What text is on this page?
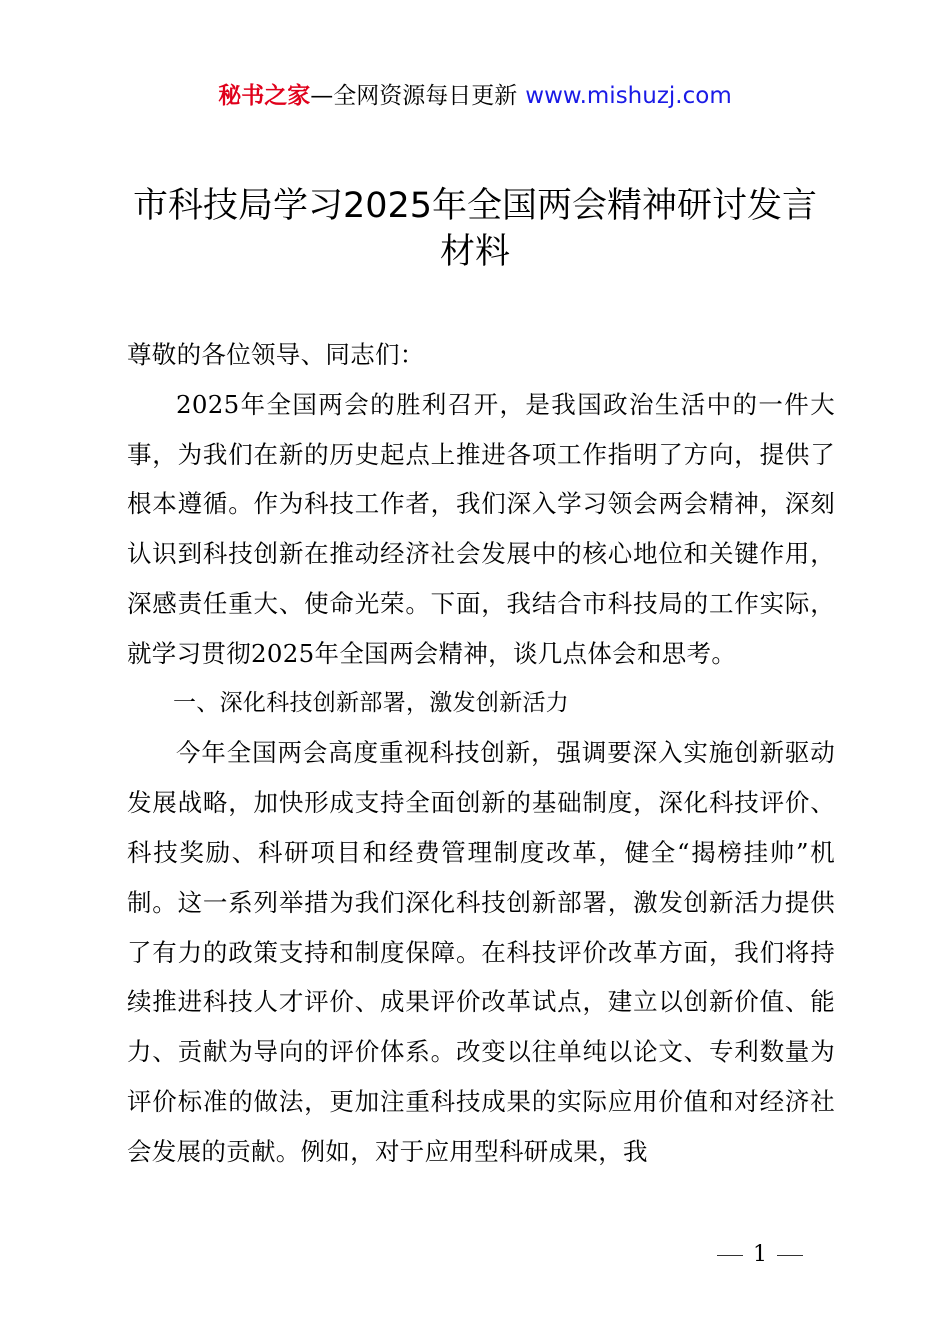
秘书之家—全网资源每日更新 www.mishuzj.com
市科技局学习2025年全国两会精神研讨发言材料

尊敬的各位领导、同志们：

2025年全国两会的胜利召开，是我国政治生活中的一件大事，为我们在新的历史起点上推进各项工作指明了方向，提供了根本遵循。作为科技工作者，我们深入学习领会两会精神，深刻认识到科技创新在推动经济社会发展中的核心地位和关键作用，深感责任重大、使命光荣。下面，我结合市科技局的工作实际，就学习贯彻2025年全国两会精神，谈几点体会和思考。

一、深化科技创新部署，激发创新活力

今年全国两会高度重视科技创新，强调要深入实施创新驱动发展战略，加快形成支持全面创新的基础制度，深化科技评价、科技奖励、科研项目和经费管理制度改革，健全“揭榜挂帅”机制。这一系列举措为我们深化科技创新部署，激发创新活力提供了有力的政策支持和制度保障。在科技评价改革方面，我们将持续推进科技人才评价、成果评价改革试点，建立以创新价值、能力、贡献为导向的评价体系。改变以往单纯以论文、专利数量为评价标准的做法，更加注重科技成果的实际应用价值和对经济社会发展的贡献。例如，对于应用型科研成果，我

1
